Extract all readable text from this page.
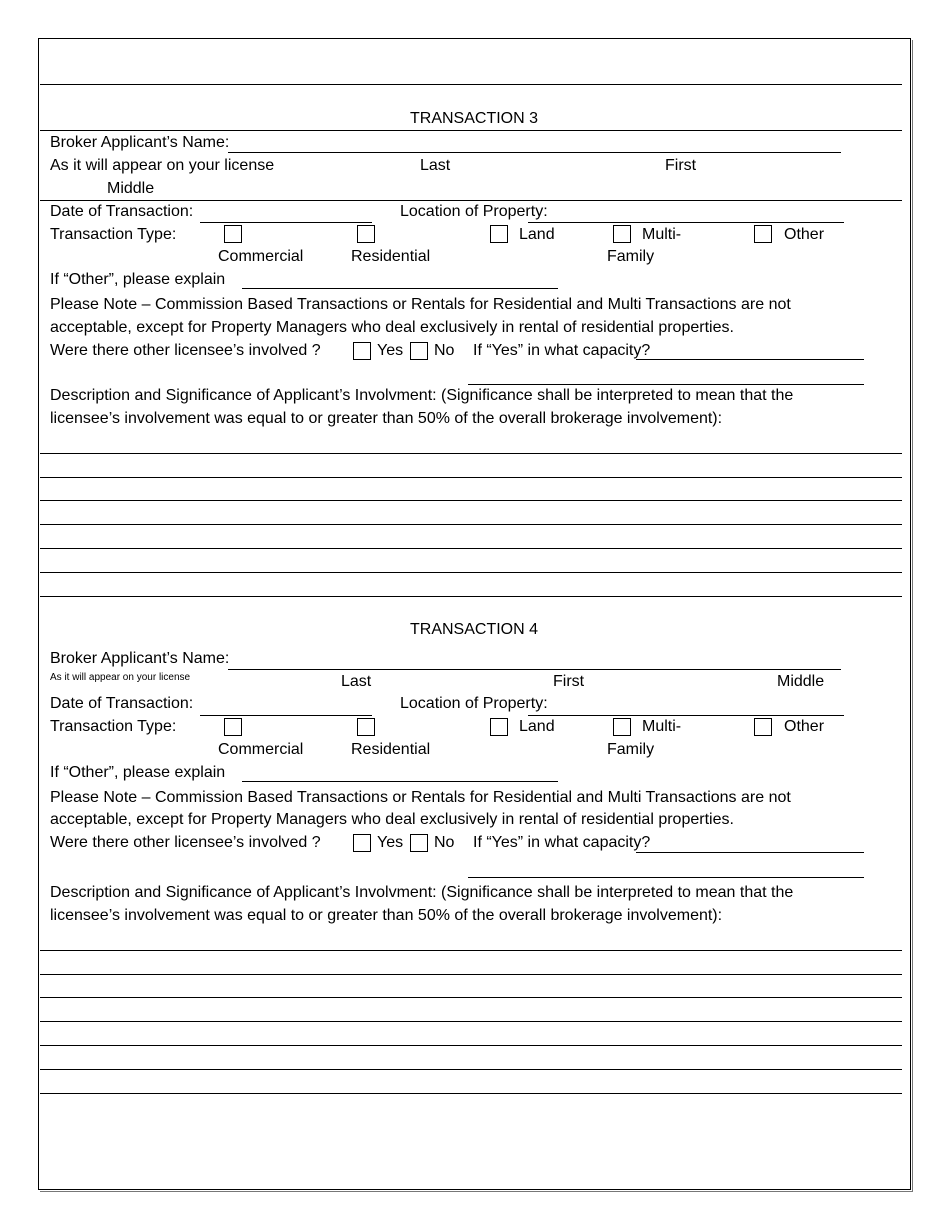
TRANSACTION 3
Broker Applicant’s Name:
As it will appear on your license	Last	First
Middle
Date of Transaction:	Location of Property:
Transaction Type:	Land	Multi-	Other
Commercial	Residential	Family
If “Other”, please explain
Please Note – Commission Based Transactions or Rentals for Residential and Multi Transactions are not
acceptable, except for Property Managers who deal exclusively in rental of residential properties.
Were there other licensee’s involved ?	Yes No If “Yes” in what capacity?
Description and Significance of Applicant’s Involvment: (Significance shall be interpreted to mean that the
licensee’s involvement was equal to or greater than 50% of the overall brokerage involvement):
TRANSACTION 4
Broker Applicant’s Name:
As it will appear on your license	Last	First	Middle
Date of Transaction:	Location of Property:
Transaction Type:	Land	Multi-	Other
Commercial	Residential	Family
If “Other”, please explain
Please Note – Commission Based Transactions or Rentals for Residential and Multi Transactions are not
acceptable, except for Property Managers who deal exclusively in rental of residential properties.
Were there other licensee’s involved ?	Yes No If “Yes” in what capacity?
Description and Significance of Applicant’s Involvment: (Significance shall be interpreted to mean that the
licensee’s involvement was equal to or greater than 50% of the overall brokerage involvement):
